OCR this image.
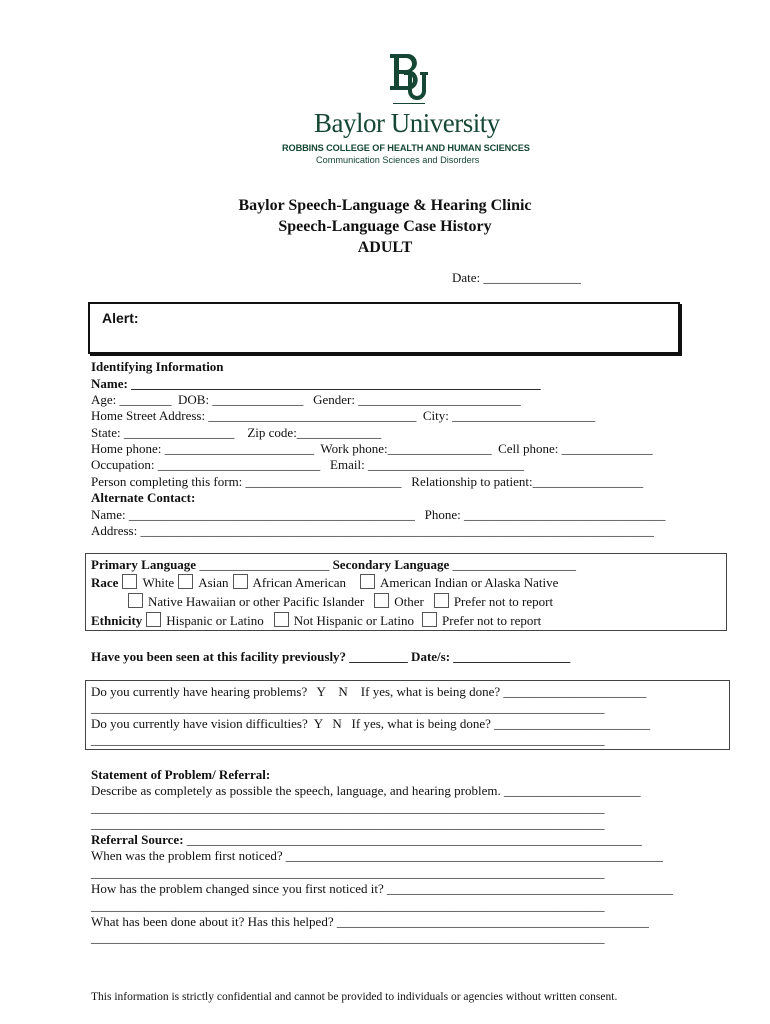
Baylor University
ROBBINS COLLEGE OF HEALTH AND HUMAN SCIENCES
Communication Sciences and Disorders
Baylor Speech-Language & Hearing Clinic
Speech-Language Case History
ADULT
Date: _______________
Alert:
Identifying Information
Name: _______________________________________________________________
Age: ________  DOB: ______________   Gender: _________________________
Home Street Address: ________________________________  City: ______________________
State: _________________    Zip code:_____________
Home phone: _______________________  Work phone:________________  Cell phone: ______________
Occupation: _________________________   Email: ________________________
Person completing this form: ________________________   Relationship to patient:_________________
Alternate Contact:
Name: ____________________________________________   Phone: _______________________________
Address: _______________________________________________________________________________
Primary Language ____________________ Secondary Language ___________________
Race White Asian African American	American Indian or Alaska Native
Native Hawaiian or other Pacific Islander Other Prefer not to report
Ethnicity Hispanic or Latino Not Hispanic or Latino Prefer not to report
Have you been seen at this facility previously? _________ Date/s: __________________
Do you currently have hearing problems?   Y    N    If yes, what is being done? ______________________
_______________________________________________________________________________
Do you currently have vision difficulties?  Y   N   If yes, what is being done? ________________________
_______________________________________________________________________________
Statement of Problem/ Referral:
Describe as completely as possible the speech, language, and hearing problem. _____________________
_______________________________________________________________________________
_______________________________________________________________________________
Referral Source: ______________________________________________________________________
When was the problem first noticed? __________________________________________________________
_______________________________________________________________________________
How has the problem changed since you first noticed it? ____________________________________________
_______________________________________________________________________________
What has been done about it? Has this helped? ________________________________________________
_______________________________________________________________________________
This information is strictly confidential and cannot be provided to individuals or agencies without written consent.
